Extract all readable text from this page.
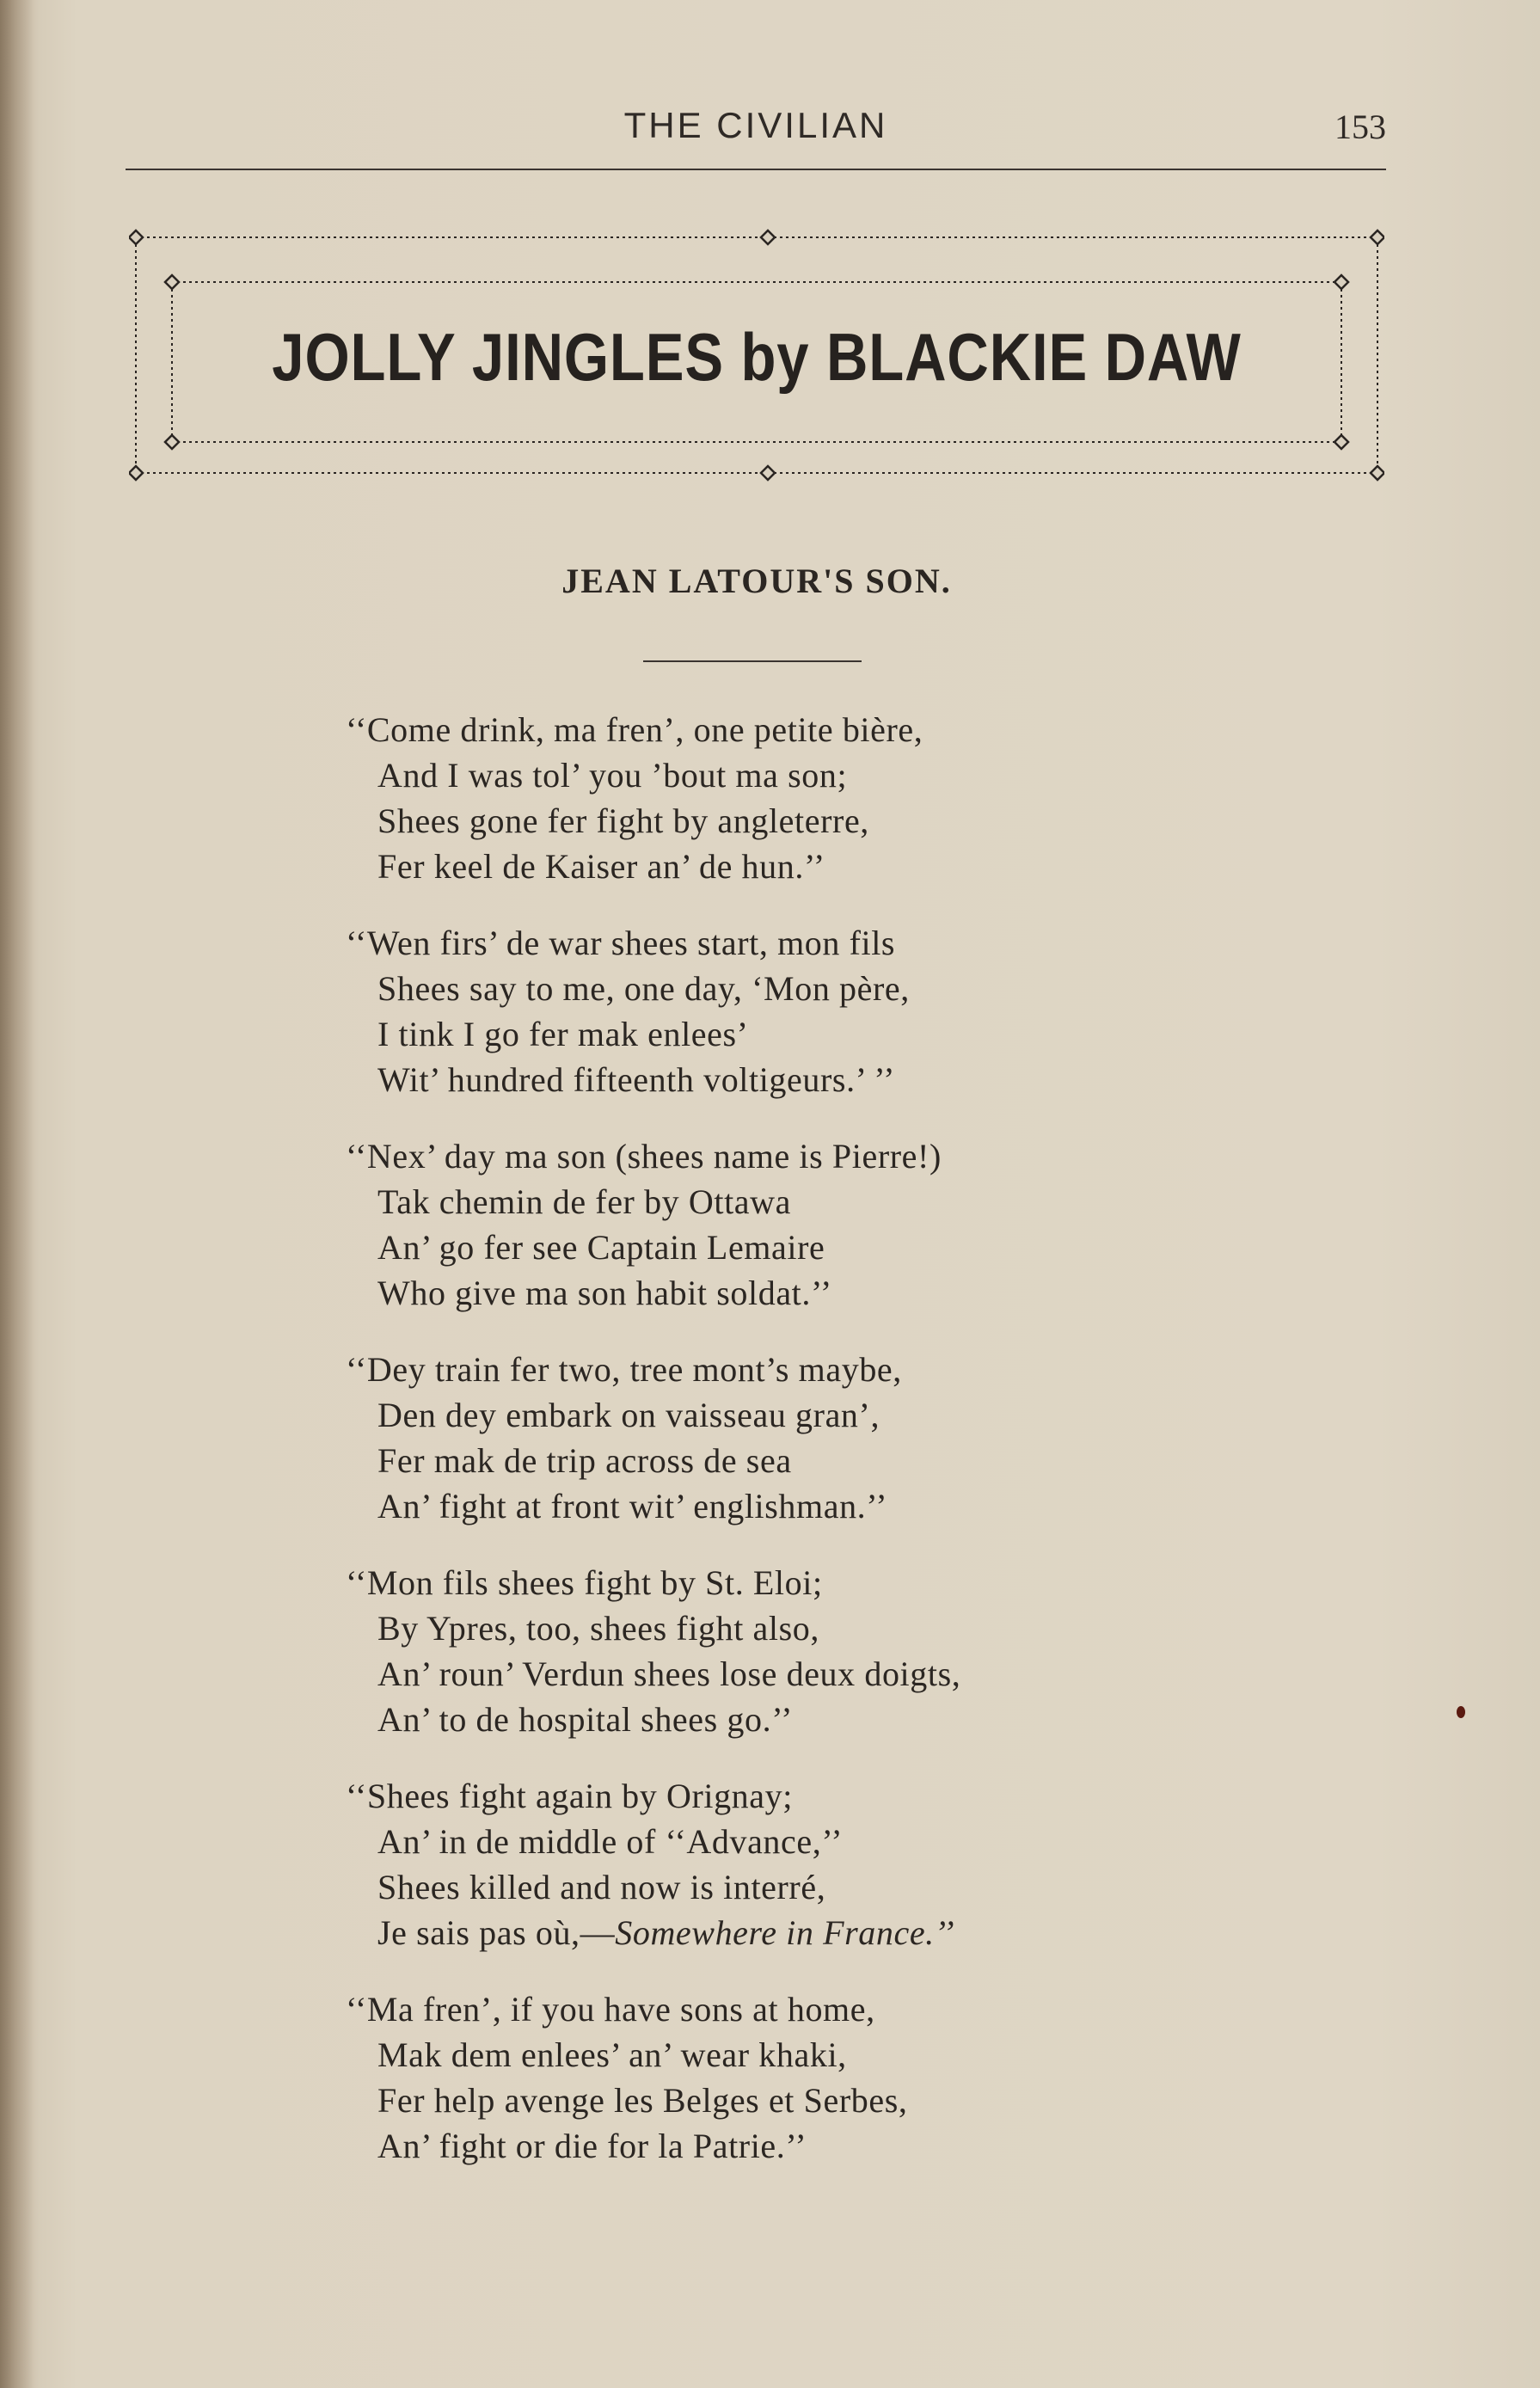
THE CIVILIAN	153
JOLLY JINGLES by BLACKIE DAW
JEAN LATOUR'S SON.
‘‘Come drink, ma fren’, one petite bière,
And I was tol’ you ’bout ma son;
Shees gone fer fight by angleterre,
Fer keel de Kaiser an’ de hun.’’
‘‘Wen firs’ de war shees start, mon fils
Shees say to me, one day, ‘Mon père,
I tink I go fer mak enlees’
Wit’ hundred fifteenth voltigeurs.’ ’’
‘‘Nex’ day ma son (shees name is Pierre!)
Tak chemin de fer by Ottawa
An’ go fer see Captain Lemaire
Who give ma son habit soldat.’’
‘‘Dey train fer two, tree mont’s maybe,
Den dey embark on vaisseau gran’,
Fer mak de trip across de sea
An’ fight at front wit’ englishman.’’
‘‘Mon fils shees fight by St. Eloi;
By Ypres, too, shees fight also,
An’ roun’ Verdun shees lose deux doigts,
An’ to de hospital shees go.’’
‘‘Shees fight again by Orignay;
An’ in de middle of ‘‘Advance,’’
Shees killed and now is interré,
Je sais pas où,—Somewhere in France.’’
‘‘Ma fren’, if you have sons at home,
Mak dem enlees’ an’ wear khaki,
Fer help avenge les Belges et Serbes,
An’ fight or die for la Patrie.’’
